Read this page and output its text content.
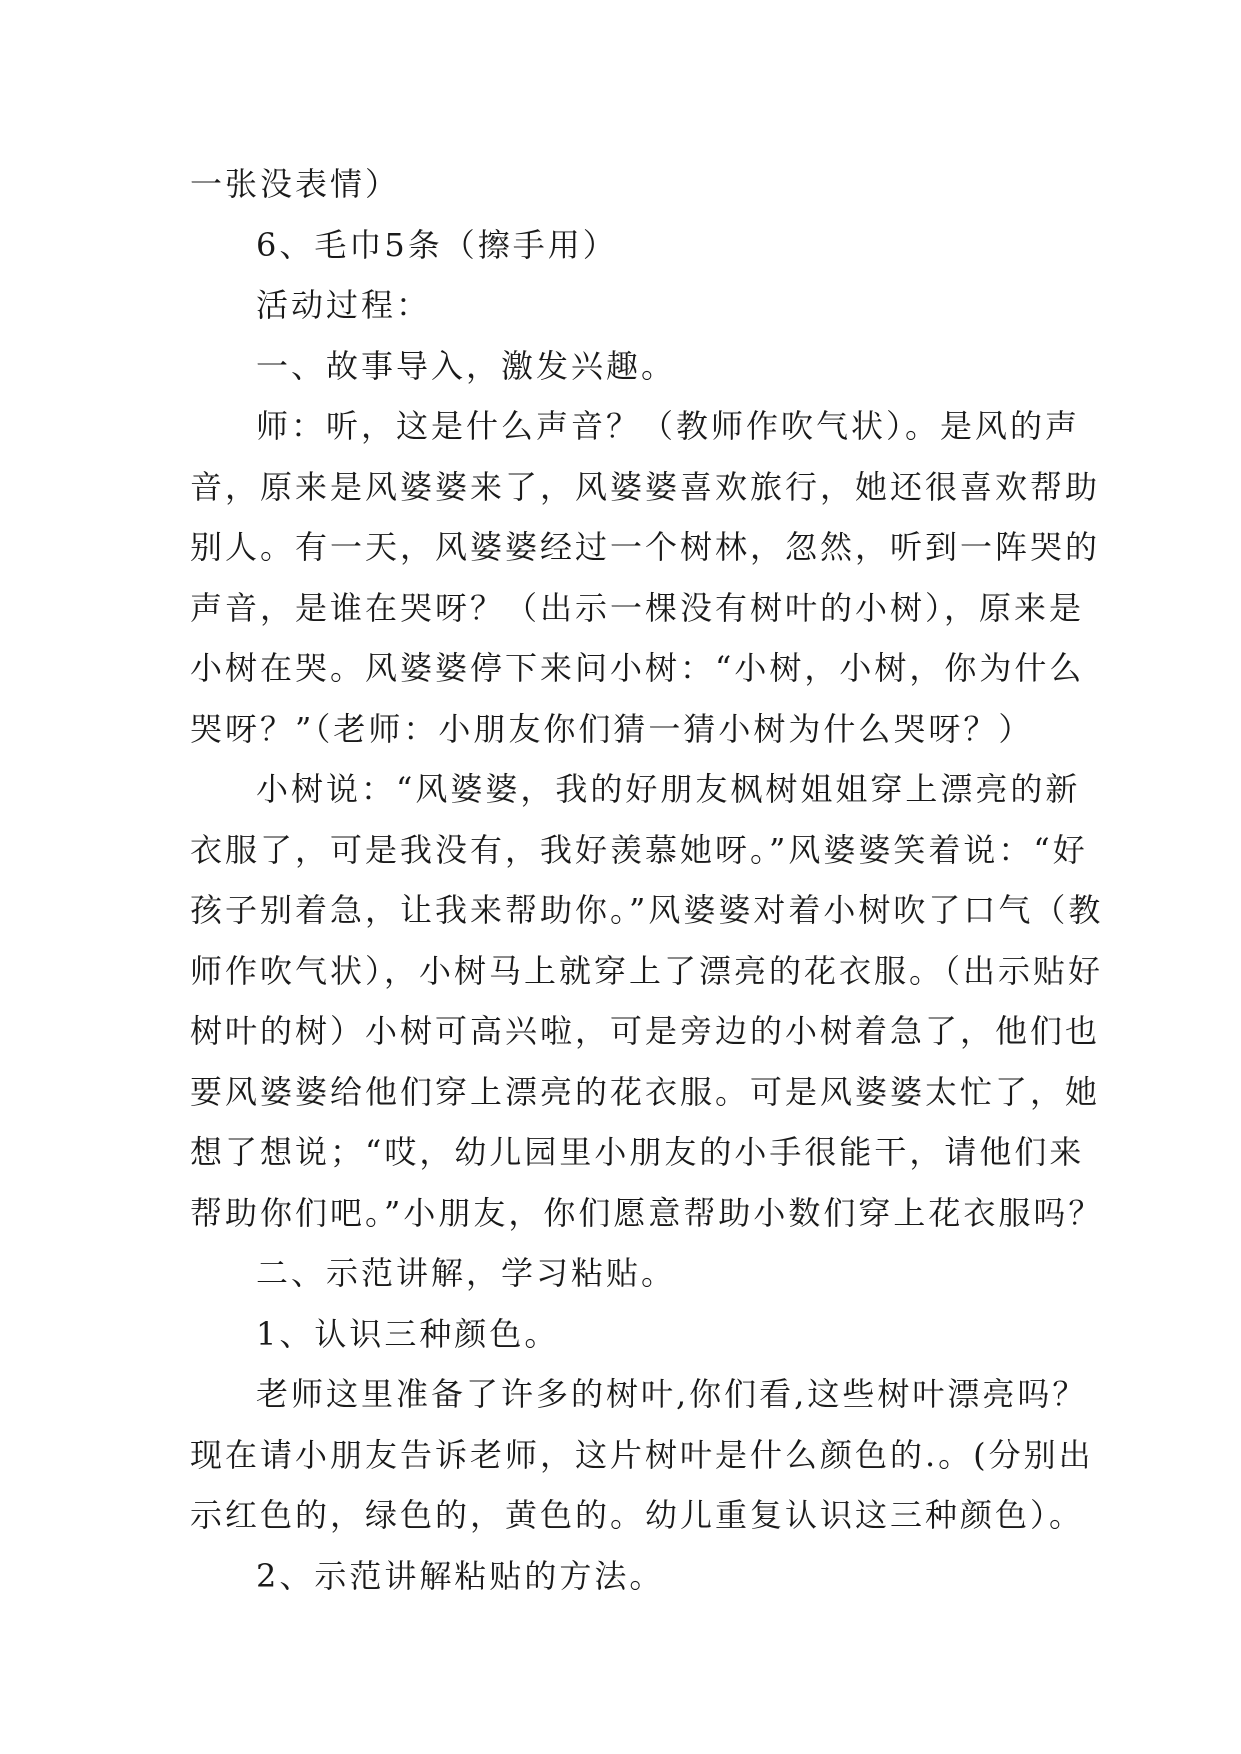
一张没表情）
6、毛巾5条（擦手用）
活动过程：
一、故事导入，激发兴趣。
师：听，这是什么声音？（教师作吹气状）。是风的声
音，原来是风婆婆来了，风婆婆喜欢旅行，她还很喜欢帮助
别人。有一天，风婆婆经过一个树林，忽然，听到一阵哭的
声音，是谁在哭呀？（出示一棵没有树叶的小树），原来是
小树在哭。风婆婆停下来问小树：“小树，小树，你为什么
哭呀？”（老师：小朋友你们猜一猜小树为什么哭呀？）
小树说：“风婆婆，我的好朋友枫树姐姐穿上漂亮的新
衣服了，可是我没有，我好羡慕她呀。”风婆婆笑着说：“好
孩子别着急，让我来帮助你。”风婆婆对着小树吹了口气（教
师作吹气状），小树马上就穿上了漂亮的花衣服。（出示贴好
树叶的树）小树可高兴啦，可是旁边的小树着急了，他们也
要风婆婆给他们穿上漂亮的花衣服。可是风婆婆太忙了，她
想了想说；“哎，幼儿园里小朋友的小手很能干，请他们来
帮助你们吧。”小朋友，你们愿意帮助小数们穿上花衣服吗？
二、示范讲解，学习粘贴。
1、认识三种颜色。
老师这里准备了许多的树叶,你们看,这些树叶漂亮吗？
现在请小朋友告诉老师，这片树叶是什么颜色的.。(分别出
示红色的，绿色的，黄色的。幼儿重复认识这三种颜色）。
2、示范讲解粘贴的方法。
